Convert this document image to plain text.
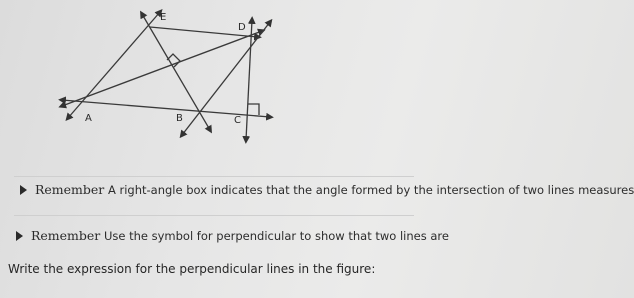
E
D
A	B	C
Remember A right-angle box indicates that the angle formed by the intersection of two lines measures
Remember Use the symbol for perpendicular to show that two lines are
Write the expression for the perpendicular lines in the figure:
